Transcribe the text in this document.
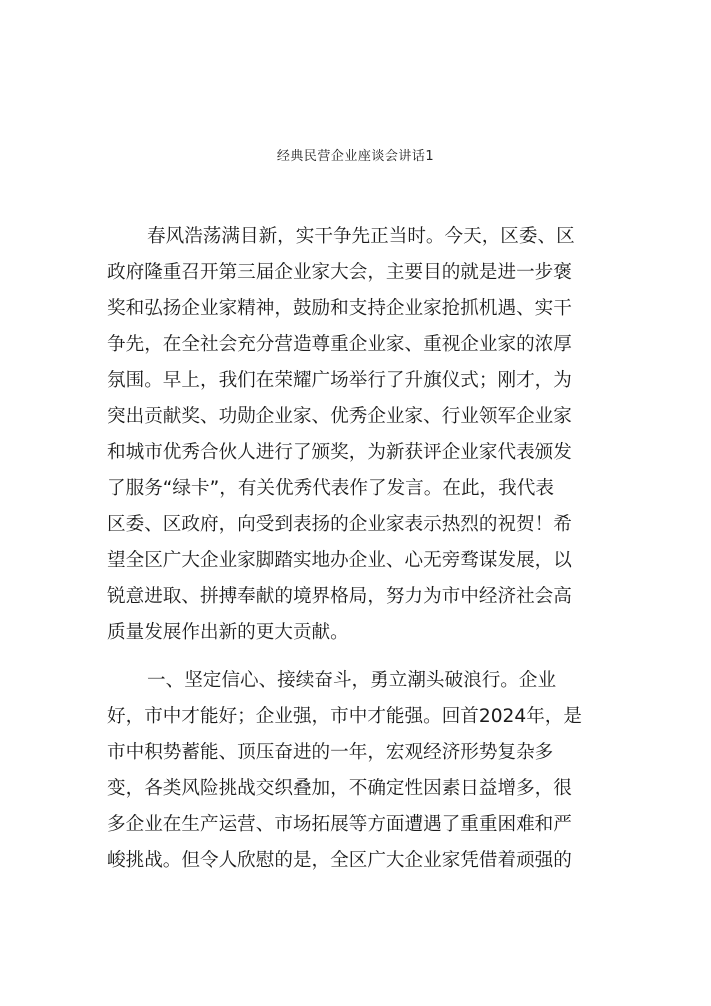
经典民营企业座谈会讲话1
春风浩荡满目新，实干争先正当时。今天，区委、区
政府隆重召开第三届企业家大会，主要目的就是进一步褒
奖和弘扬企业家精神，鼓励和支持企业家抢抓机遇、实干
争先，在全社会充分营造尊重企业家、重视企业家的浓厚
氛围。早上，我们在荣耀广场举行了升旗仪式；刚才，为
突出贡献奖、功勋企业家、优秀企业家、行业领军企业家
和城市优秀合伙人进行了颁奖，为新获评企业家代表颁发
了服务“绿卡”，有关优秀代表作了发言。在此，我代表
区委、区政府，向受到表扬的企业家表示热烈的祝贺！希
望全区广大企业家脚踏实地办企业、心无旁骛谋发展，以
锐意进取、拼搏奉献的境界格局，努力为市中经济社会高
质量发展作出新的更大贡献。
一、坚定信心、接续奋斗，勇立潮头破浪行。企业
好，市中才能好；企业强，市中才能强。回首2024年，是
市中积势蓄能、顶压奋进的一年，宏观经济形势复杂多
变，各类风险挑战交织叠加，不确定性因素日益增多，很
多企业在生产运营、市场拓展等方面遭遇了重重困难和严
峻挑战。但令人欣慰的是，全区广大企业家凭借着顽强的
